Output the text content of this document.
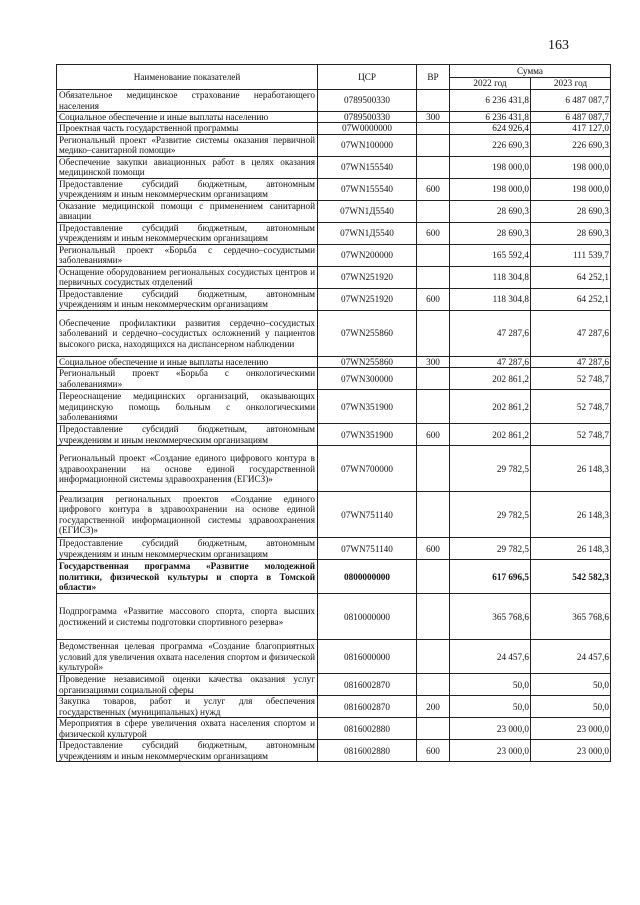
163
Наименование показателей	ЦСР	ВР	Сумма	
			2022 год	2023 год
Обязательное медицинское страхование неработающего населения	0789500330		6 236 431,8	6 487 087,7
Социальное обеспечение и иные выплаты населению	0789500330	300	6 236 431,8	6 487 087,7
Проектная часть государственной программы	07W0000000		624 926,4	417 127,0
Региональный проект «Развитие системы оказания первичной медико–санитарной помощи»	07WN100000		226 690,3	226 690,3
Обеспечение закупки авиационных работ в целях оказания медицинской помощи	07WN155540		198 000,0	198 000,0
Предоставление субсидий бюджетным, автономным учреждениям и иным некоммерческим организациям	07WN155540	600	198 000,0	198 000,0
Оказание медицинской помощи с применением санитарной авиации	07WN1Д5540		28 690,3	28 690,3
Предоставление субсидий бюджетным, автономным учреждениям и иным некоммерческим организациям	07WN1Д5540	600	28 690,3	28 690,3
Региональный проект «Борьба с сердечно–сосудистыми заболеваниями»	07WN200000		165 592,4	111 539,7
Оснащение оборудованием региональных сосудистых центров и первичных сосудистых отделений	07WN251920		118 304,8	64 252,1
Предоставление субсидий бюджетным, автономным учреждениям и иным некоммерческим организациям	07WN251920	600	118 304,8	64 252,1
Обеспечение профилактики развития сердечно–сосудистых заболеваний и сердечно–сосудистых осложнений у пациентов высокого риска, находящихся на диспансерном наблюдении	07WN255860		47 287,6	47 287,6
Социальное обеспечение и иные выплаты населению	07WN255860	300	47 287,6	47 287,6
Региональный проект «Борьба с онкологическими заболеваниями»	07WN300000		202 861,2	52 748,7
Переоснащение медицинских организаций, оказывающих медицинскую помощь больным с онкологическими заболеваниями	07WN351900		202 861,2	52 748,7
Предоставление субсидий бюджетным, автономным учреждениям и иным некоммерческим организациям	07WN351900	600	202 861,2	52 748,7
Региональный проект «Создание единого цифрового контура в здравоохранении на основе единой государственной информационной системы здравоохранения (ЕГИСЗ)»	07WN700000		29 782,5	26 148,3
Реализация региональных проектов «Создание единого цифрового контура в здравоохранении на основе единой государственной информационной системы здравоохранения (ЕГИСЗ)»	07WN751140		29 782,5	26 148,3
Предоставление субсидий бюджетным, автономным учреждениям и иным некоммерческим организациям	07WN751140	600	29 782,5	26 148,3
Государственная программа «Развитие молодежной политики, физической культуры и спорта в Томской области»	0800000000		617 696,5	542 582,3
Подпрограмма «Развитие массового спорта, спорта высших достижений и системы подготовки спортивного резерва»	0810000000		365 768,6	365 768,6
Ведомственная целевая программа «Создание благоприятных условий для увеличения охвата населения спортом и физической культурой»	0816000000		24 457,6	24 457,6
Проведение независимой оценки качества оказания услуг организациями социальной сферы	0816002870		50,0	50,0
Закупка товаров, работ и услуг для обеспечения государственных (муниципальных) нужд	0816002870	200	50,0	50,0
Мероприятия в сфере увеличения охвата населения спортом и физической культурой	0816002880		23 000,0	23 000,0
Предоставление субсидий бюджетным, автономным учреждениям и иным некоммерческим организациям	0816002880	600	23 000,0	23 000,0
